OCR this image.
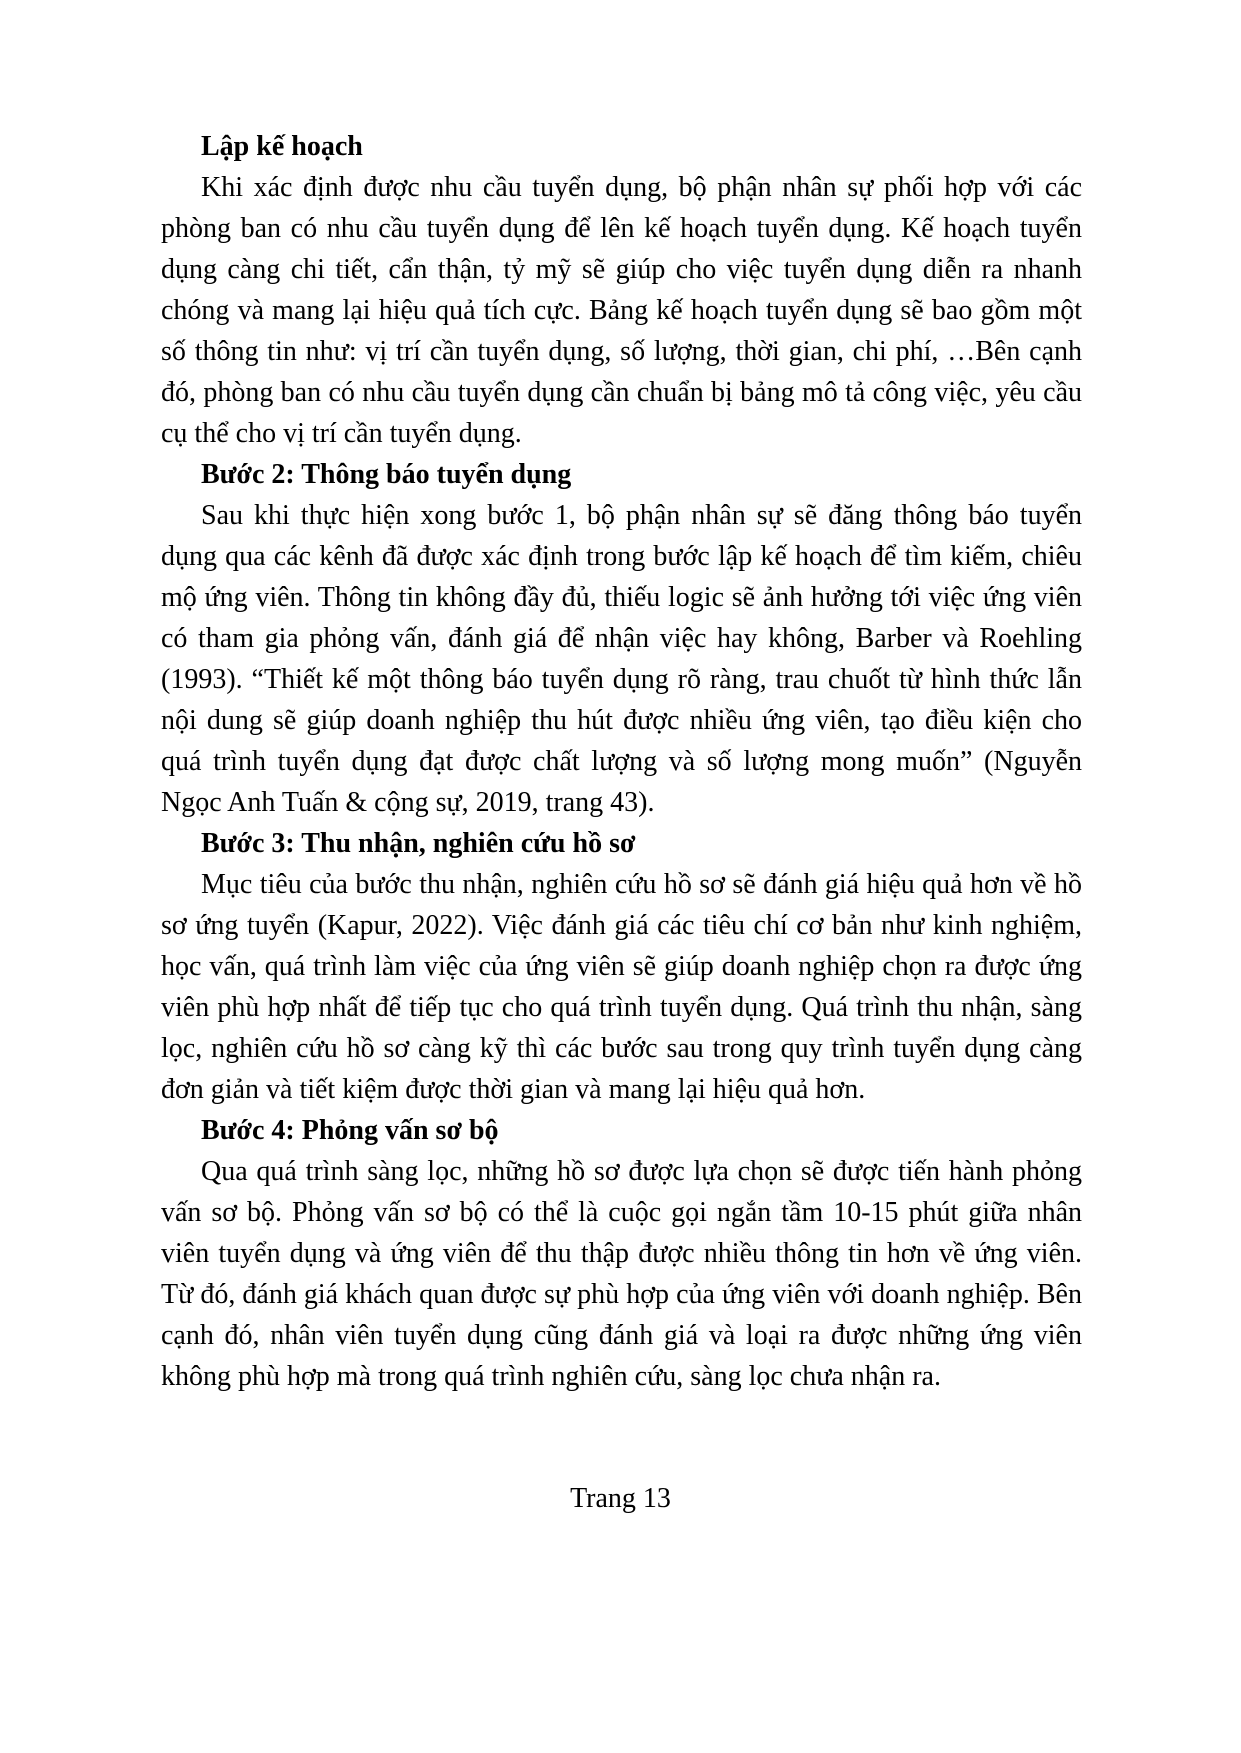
Lập kế hoạch

Khi xác định được nhu cầu tuyển dụng, bộ phận nhân sự phối hợp với các phòng ban có nhu cầu tuyển dụng để lên kế hoạch tuyển dụng. Kế hoạch tuyển dụng càng chi tiết, cẩn thận, tỷ mỹ sẽ giúp cho việc tuyển dụng diễn ra nhanh chóng và mang lại hiệu quả tích cực. Bảng kế hoạch tuyển dụng sẽ bao gồm một số thông tin như: vị trí cần tuyển dụng, số lượng, thời gian, chi phí, …Bên cạnh đó, phòng ban có nhu cầu tuyển dụng cần chuẩn bị bảng mô tả công việc, yêu cầu cụ thể cho vị trí cần tuyển dụng.

Bước 2: Thông báo tuyển dụng

Sau khi thực hiện xong bước 1, bộ phận nhân sự sẽ đăng thông báo tuyển dụng qua các kênh đã được xác định trong bước lập kế hoạch để tìm kiếm, chiêu mộ ứng viên. Thông tin không đầy đủ, thiếu logic sẽ ảnh hưởng tới việc ứng viên có tham gia phỏng vấn, đánh giá để nhận việc hay không, Barber và Roehling (1993). “Thiết kế một thông báo tuyển dụng rõ ràng, trau chuốt từ hình thức lẫn nội dung sẽ giúp doanh nghiệp thu hút được nhiều ứng viên, tạo điều kiện cho quá trình tuyển dụng đạt được chất lượng và số lượng mong muốn” (Nguyễn Ngọc Anh Tuấn & cộng sự, 2019, trang 43).

Bước 3: Thu nhận, nghiên cứu hồ sơ

Mục tiêu của bước thu nhận, nghiên cứu hồ sơ sẽ đánh giá hiệu quả hơn về hồ sơ ứng tuyển (Kapur, 2022). Việc đánh giá các tiêu chí cơ bản như kinh nghiệm, học vấn, quá trình làm việc của ứng viên sẽ giúp doanh nghiệp chọn ra được ứng viên phù hợp nhất để tiếp tục cho quá trình tuyển dụng. Quá trình thu nhận, sàng lọc, nghiên cứu hồ sơ càng kỹ thì các bước sau trong quy trình tuyển dụng càng đơn giản và tiết kiệm được thời gian và mang lại hiệu quả hơn.

Bước 4: Phỏng vấn sơ bộ

Qua quá trình sàng lọc, những hồ sơ được lựa chọn sẽ được tiến hành phỏng vấn sơ bộ. Phỏng vấn sơ bộ có thể là cuộc gọi ngắn tầm 10-15 phút giữa nhân viên tuyển dụng và ứng viên để thu thập được nhiều thông tin hơn về ứng viên. Từ đó, đánh giá khách quan được sự phù hợp của ứng viên với doanh nghiệp. Bên cạnh đó, nhân viên tuyển dụng cũng đánh giá và loại ra được những ứng viên không phù hợp mà trong quá trình nghiên cứu, sàng lọc chưa nhận ra.

Trang 13
